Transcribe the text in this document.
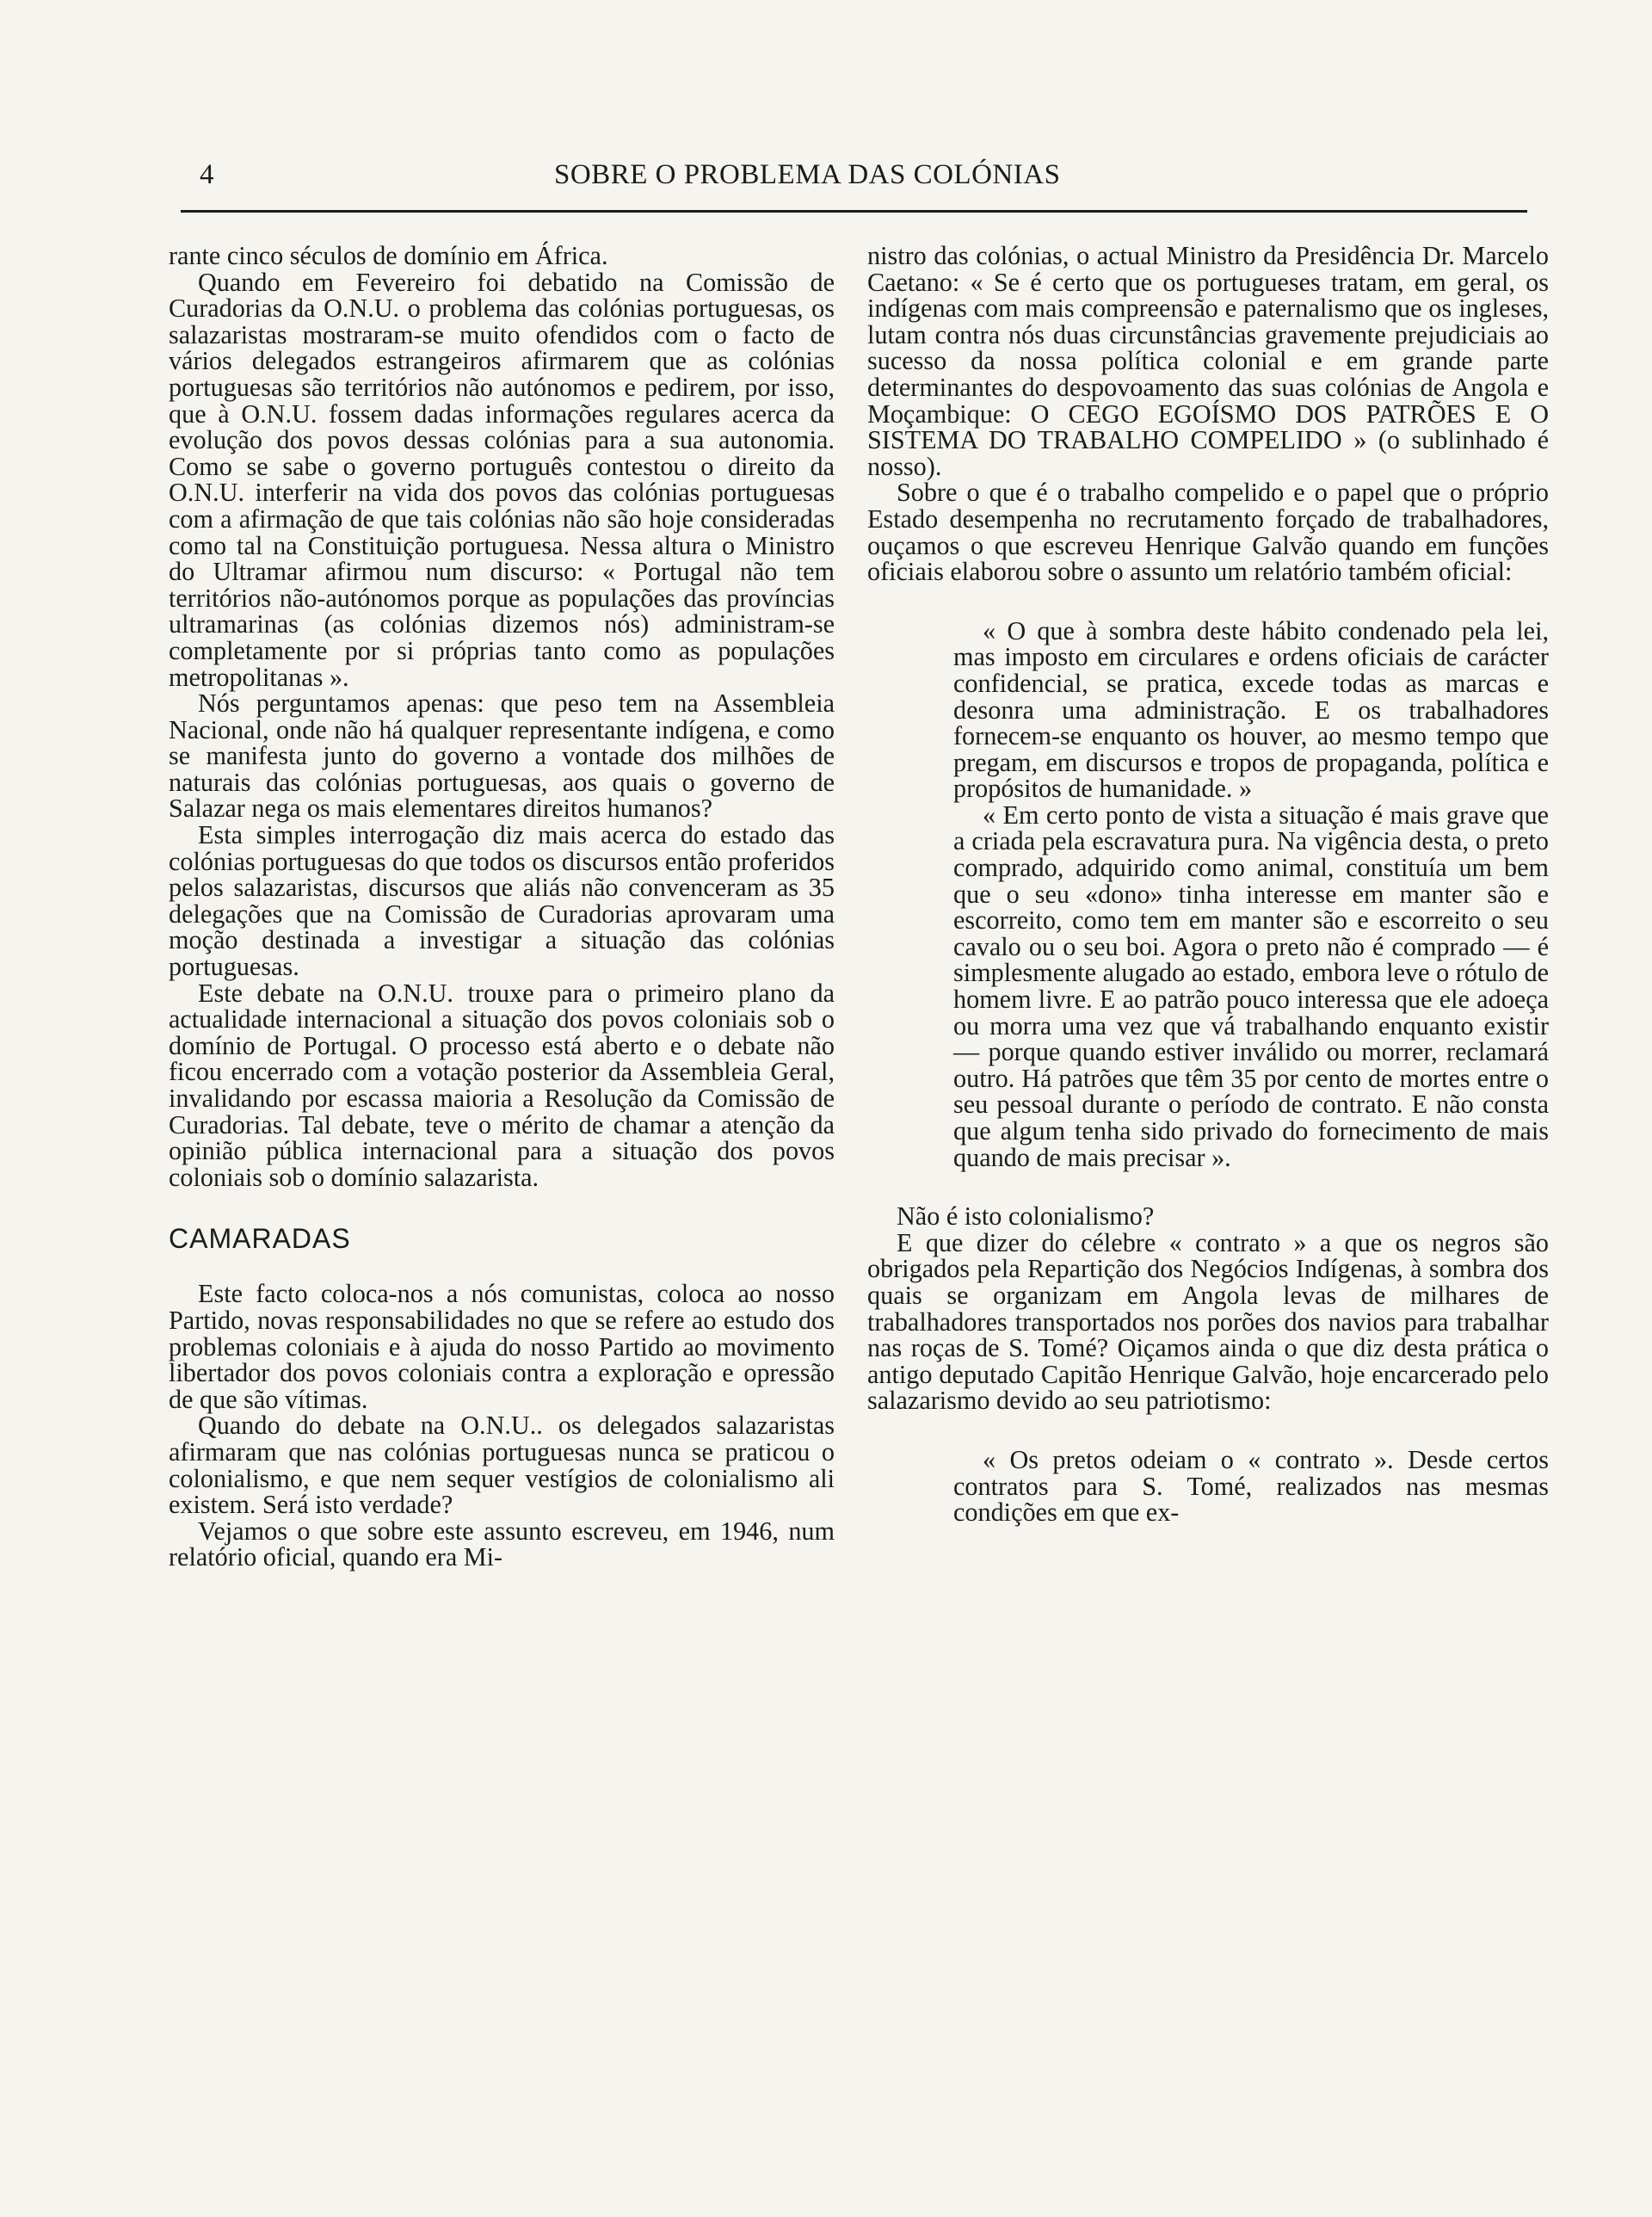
4	SOBRE O PROBLEMA DAS COLÓNIAS

rante cinco séculos de domínio em África.

Quando em Fevereiro foi debatido na Comissão de Curadorias da O.N.U. o problema das colónias portuguesas, os salazaristas mostraram-se muito ofendidos com o facto de vários delegados estrangeiros afirmarem que as colónias portuguesas são territórios não autónomos e pedirem, por isso, que à O.N.U. fossem dadas informações regulares acerca da evolução dos povos dessas colónias para a sua autonomia. Como se sabe o governo português contestou o direito da O.N.U. interferir na vida dos povos das colónias portuguesas com a afirmação de que tais colónias não são hoje consideradas como tal na Constituição portuguesa. Nessa altura o Ministro do Ultramar afirmou num discurso: « Portugal não tem territórios não-autónomos porque as populações das províncias ultramarinas (as colónias dizemos nós) administram-se completamente por si próprias tanto como as populações metropolitanas ».

Nós perguntamos apenas: que peso tem na Assembleia Nacional, onde não há qualquer representante indígena, e como se manifesta junto do governo a vontade dos milhões de naturais das colónias portuguesas, aos quais o governo de Salazar nega os mais elementares direitos humanos?

Esta simples interrogação diz mais acerca do estado das colónias portuguesas do que todos os discursos então proferidos pelos salazaristas, discursos que aliás não convenceram as 35 delegações que na Comissão de Curadorias aprovaram uma moção destinada a investigar a situação das colónias portuguesas.

Este debate na O.N.U. trouxe para o primeiro plano da actualidade internacional a situação dos povos coloniais sob o domínio de Portugal. O processo está aberto e o debate não ficou encerrado com a votação posterior da Assembleia Geral, invalidando por escassa maioria a Resolução da Comissão de Curadorias. Tal debate, teve o mérito de chamar a atenção da opinião pública internacional para a situação dos povos coloniais sob o domínio salazarista.

CAMARADAS

Este facto coloca-nos a nós comunistas, coloca ao nosso Partido, novas responsabilidades no que se refere ao estudo dos problemas coloniais e à ajuda do nosso Partido ao movimento libertador dos povos coloniais contra a exploração e opressão de que são vítimas.

Quando do debate na O.N.U.. os delegados salazaristas afirmaram que nas colónias portuguesas nunca se praticou o colonialismo, e que nem sequer vestígios de colonialismo ali existem. Será isto verdade?

Vejamos o que sobre este assunto escreveu, em 1946, num relatório oficial, quando era Mi-

nistro das colónias, o actual Ministro da Presidência Dr. Marcelo Caetano: « Se é certo que os portugueses tratam, em geral, os indígenas com mais compreensão e paternalismo que os ingleses, lutam contra nós duas circunstâncias gravemente prejudiciais ao sucesso da nossa política colonial e em grande parte determinantes do despovoamento das suas colónias de Angola e Moçambique: O CEGO EGOÍSMO DOS PATRÕES E O SISTEMA DO TRABALHO COMPELIDO » (o sublinhado é nosso).

Sobre o que é o trabalho compelido e o papel que o próprio Estado desempenha no recrutamento forçado de trabalhadores, ouçamos o que escreveu Henrique Galvão quando em funções oficiais elaborou sobre o assunto um relatório também oficial:

« O que à sombra deste hábito condenado pela lei, mas imposto em circulares e ordens oficiais de carácter confidencial, se pratica, excede todas as marcas e desonra uma administração. E os trabalhadores fornecem-se enquanto os houver, ao mesmo tempo que pregam, em discursos e tropos de propaganda, política e propósitos de humanidade. »

« Em certo ponto de vista a situação é mais grave que a criada pela escravatura pura. Na vigência desta, o preto comprado, adquirido como animal, constituía um bem que o seu «dono» tinha interesse em manter são e escorreito, como tem em manter são e escorreito o seu cavalo ou o seu boi. Agora o preto não é comprado — é simplesmente alugado ao estado, embora leve o rótulo de homem livre. E ao patrão pouco interessa que ele adoeça ou morra uma vez que vá trabalhando enquanto existir — porque quando estiver inválido ou morrer, reclamará outro. Há patrões que têm 35 por cento de mortes entre o seu pessoal durante o período de contrato. E não consta que algum tenha sido privado do fornecimento de mais quando de mais precisar ».

Não é isto colonialismo?

E que dizer do célebre « contrato » a que os negros são obrigados pela Repartição dos Negócios Indígenas, à sombra dos quais se organizam em Angola levas de milhares de trabalhadores transportados nos porões dos navios para trabalhar nas roças de S. Tomé? Oiçamos ainda o que diz desta prática o antigo deputado Capitão Henrique Galvão, hoje encarcerado pelo salazarismo devido ao seu patriotismo:

« Os pretos odeiam o « contrato ». Desde certos contratos para S. Tomé, realizados nas mesmas condições em que ex-
